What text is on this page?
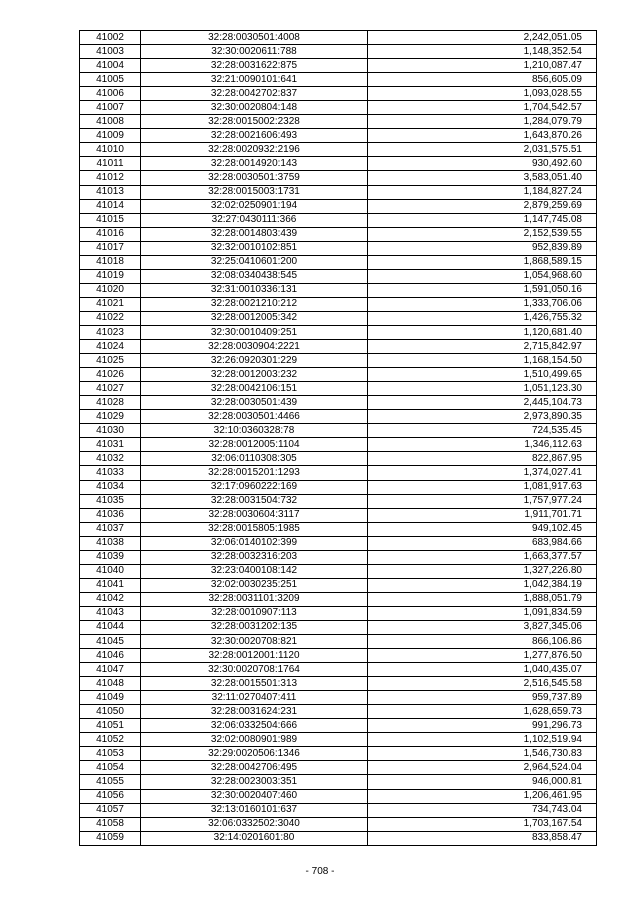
41002	32:28:0030501:4008	2,242,051.05
41003	32:30:0020611:788	1,148,352.54
41004	32:28:0031622:875	1,210,087.47
41005	32:21:0090101:641	856,605.09
41006	32:28:0042702:837	1,093,028.55
41007	32:30:0020804:148	1,704,542.57
41008	32:28:0015002:2328	1,284,079.79
41009	32:28:0021606:493	1,643,870.26
41010	32:28:0020932:2196	2,031,575.51
41011	32:28:0014920:143	930,492.60
41012	32:28:0030501:3759	3,583,051.40
41013	32:28:0015003:1731	1,184,827.24
41014	32:02:0250901:194	2,879,259.69
41015	32:27:0430111:366	1,147,745.08
41016	32:28:0014803:439	2,152,539.55
41017	32:32:0010102:851	952,839.89
41018	32:25:0410601:200	1,868,589.15
41019	32:08:0340438:545	1,054,968.60
41020	32:31:0010336:131	1,591,050.16
41021	32:28:0021210:212	1,333,706.06
41022	32:28:0012005:342	1,426,755.32
41023	32:30:0010409:251	1,120,681.40
41024	32:28:0030904:2221	2,715,842.97
41025	32:26:0920301:229	1,168,154.50
41026	32:28:0012003:232	1,510,499.65
41027	32:28:0042106:151	1,051,123.30
41028	32:28:0030501:439	2,445,104.73
41029	32:28:0030501:4466	2,973,890.35
41030	32:10:0360328:78	724,535.45
41031	32:28:0012005:1104	1,346,112.63
41032	32:06:0110308:305	822,867.95
41033	32:28:0015201:1293	1,374,027.41
41034	32:17:0960222:169	1,081,917.63
41035	32:28:0031504:732	1,757,977.24
41036	32:28:0030604:3117	1,911,701.71
41037	32:28:0015805:1985	949,102.45
41038	32:06:0140102:399	683,984.66
41039	32:28:0032316:203	1,663,377.57
41040	32:23:0400108:142	1,327,226.80
41041	32:02:0030235:251	1,042,384.19
41042	32:28:0031101:3209	1,888,051.79
41043	32:28:0010907:113	1,091,834.59
41044	32:28:0031202:135	3,827,345.06
41045	32:30:0020708:821	866,106.86
41046	32:28:0012001:1120	1,277,876.50
41047	32:30:0020708:1764	1,040,435.07
41048	32:28:0015501:313	2,516,545.58
41049	32:11:0270407:411	959,737.89
41050	32:28:0031624:231	1,628,659.73
41051	32:06:0332504:666	991,296.73
41052	32:02:0080901:989	1,102,519.94
41053	32:29:0020506:1346	1,546,730.83
41054	32:28:0042706:495	2,964,524.04
41055	32:28:0023003:351	946,000.81
41056	32:30:0020407:460	1,206,461.95
41057	32:13:0160101:637	734,743.04
41058	32:06:0332502:3040	1,703,167.54
41059	32:14:0201601:80	833,858.47
- 708 -
